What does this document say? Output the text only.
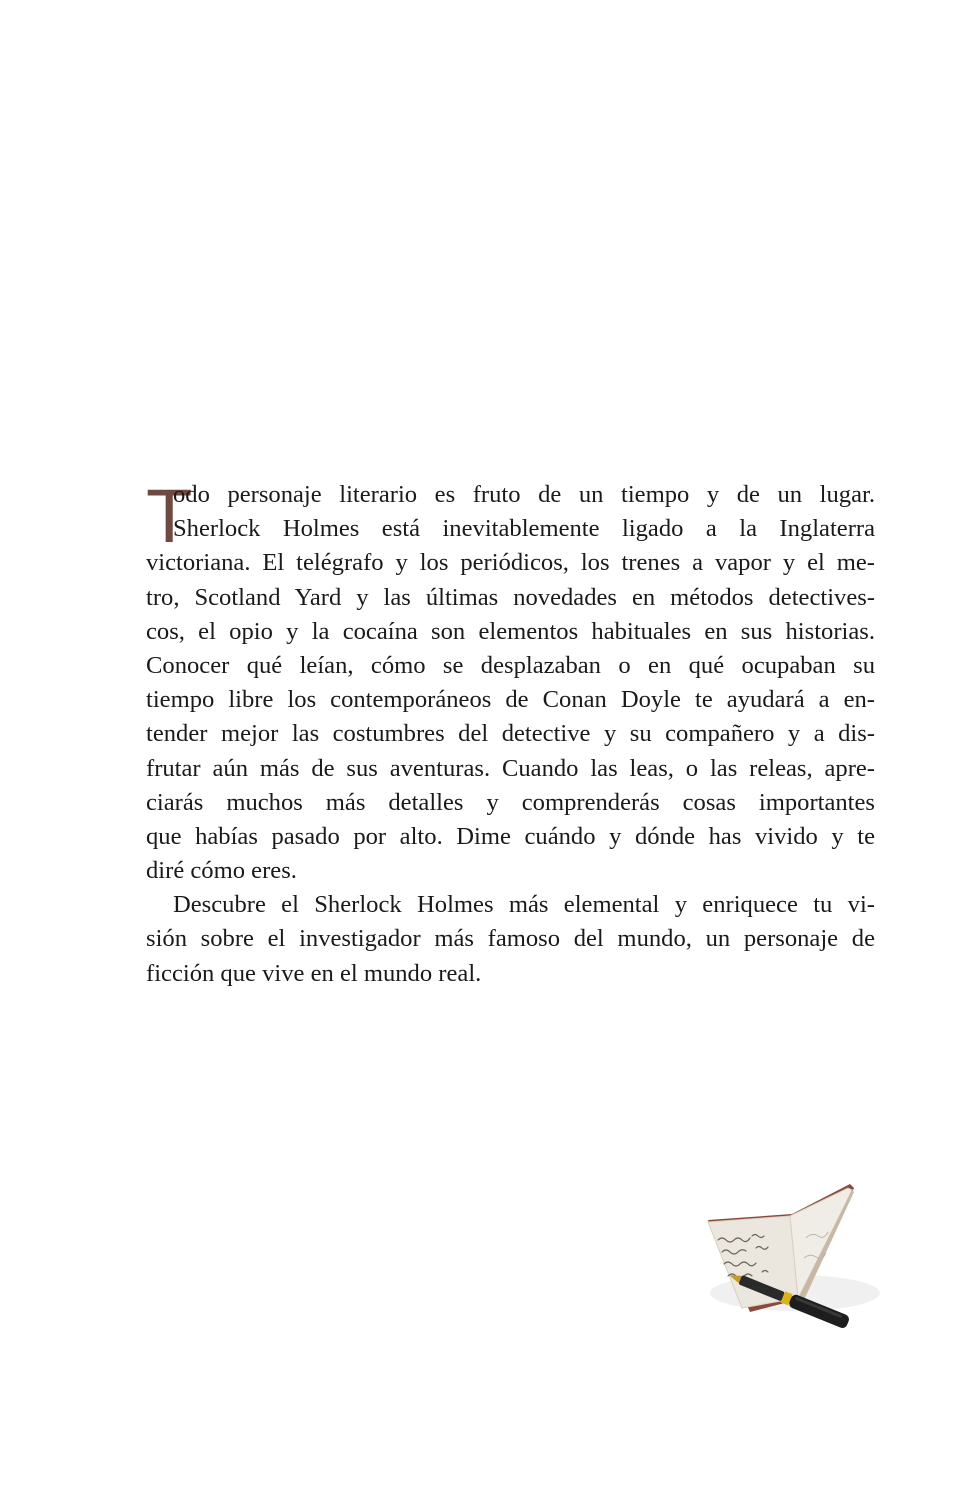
T
odo personaje literario es fruto de un tiempo y de un lugar.
Sherlock Holmes está inevitablemente ligado a la Inglaterra
victoriana. El telégrafo y los periódicos, los trenes a vapor y el me-
tro, Scotland Yard y las últimas novedades en métodos detectives-
cos, el opio y la cocaína son elementos habituales en sus historias.
Conocer qué leían, cómo se desplazaban o en qué ocupaban su
tiempo libre los contemporáneos de Conan Doyle te ayudará a en-
tender mejor las costumbres del detective y su compañero y a dis-
frutar aún más de sus aventuras. Cuando las leas, o las releas, apre-
ciarás muchos más detalles y comprenderás cosas importantes
que habías pasado por alto. Dime cuándo y dónde has vivido y te
diré cómo eres.
Descubre el Sherlock Holmes más elemental y enriquece tu vi-
sión sobre el investigador más famoso del mundo, un personaje de
ficción que vive en el mundo real.
